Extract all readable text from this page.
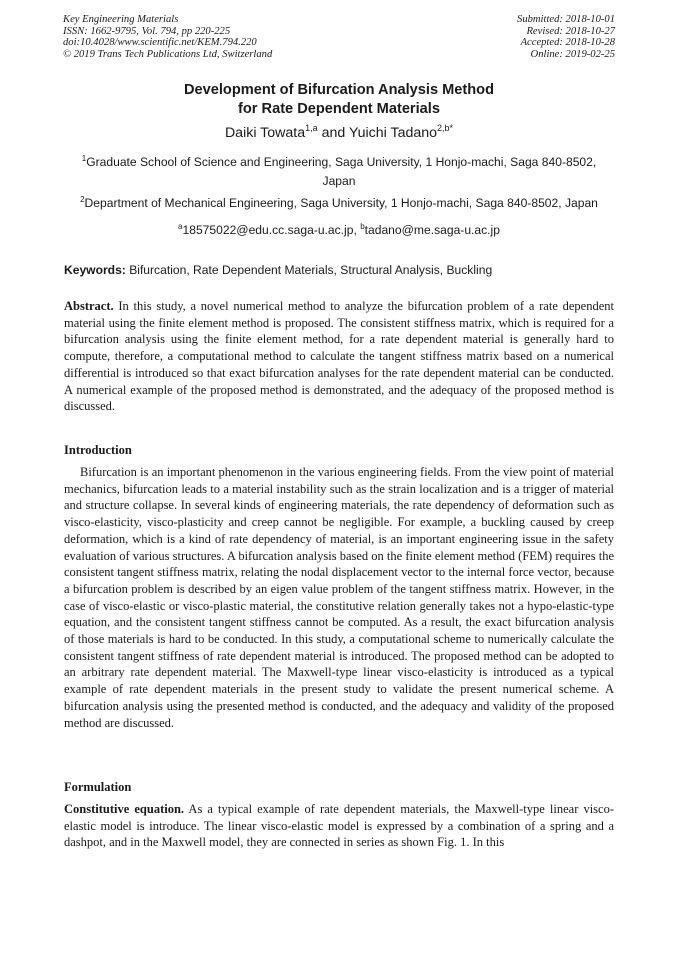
Key Engineering Materials
ISSN: 1662-9795, Vol. 794, pp 220-225
doi:10.4028/www.scientific.net/KEM.794.220
© 2019 Trans Tech Publications Ltd, Switzerland
Submitted: 2018-10-01
Revised: 2018-10-27
Accepted: 2018-10-28
Online: 2019-02-25
Development of Bifurcation Analysis Method
for Rate Dependent Materials
Daiki Towata$^{1,a}$ and Yuichi Tadano$^{2,b*}$
$^1$Graduate School of Science and Engineering, Saga University, 1 Honjo-machi, Saga 840-8502, Japan
$^2$Department of Mechanical Engineering, Saga University, 1 Honjo-machi, Saga 840-8502, Japan
$^a$18575022@edu.cc.saga-u.ac.jp, $^b$tadano@me.saga-u.ac.jp
Keywords: Bifurcation, Rate Dependent Materials, Structural Analysis, Buckling
Abstract. In this study, a novel numerical method to analyze the bifurcation problem of a rate dependent material using the finite element method is proposed. The consistent stiffness matrix, which is required for a bifurcation analysis using the finite element method, for a rate dependent material is generally hard to compute, therefore, a computational method to calculate the tangent stiffness matrix based on a numerical differential is introduced so that exact bifurcation analyses for the rate dependent material can be conducted. A numerical example of the proposed method is demonstrated, and the adequacy of the proposed method is discussed.
Introduction
Bifurcation is an important phenomenon in the various engineering fields. From the view point of material mechanics, bifurcation leads to a material instability such as the strain localization and is a trigger of material and structure collapse. In several kinds of engineering materials, the rate dependency of deformation such as visco-elasticity, visco-plasticity and creep cannot be negligible. For example, a buckling caused by creep deformation, which is a kind of rate dependency of material, is an important engineering issue in the safety evaluation of various structures. A bifurcation analysis based on the finite element method (FEM) requires the consistent tangent stiffness matrix, relating the nodal displacement vector to the internal force vector, because a bifurcation problem is described by an eigen value problem of the tangent stiffness matrix. However, in the case of visco-elastic or visco-plastic material, the constitutive relation generally takes not a hypo-elastic-type equation, and the consistent tangent stiffness cannot be computed. As a result, the exact bifurcation analysis of those materials is hard to be conducted. In this study, a computational scheme to numerically calculate the consistent tangent stiffness of rate dependent material is introduced. The proposed method can be adopted to an arbitrary rate dependent material. The Maxwell-type linear visco-elasticity is introduced as a typical example of rate dependent materials in the present study to validate the present numerical scheme. A bifurcation analysis using the presented method is conducted, and the adequacy and validity of the proposed method are discussed.
Formulation
Constitutive equation. As a typical example of rate dependent materials, the Maxwell-type linear visco-elastic model is introduce. The linear visco-elastic model is expressed by a combination of a spring and a dashpot, and in the Maxwell model, they are connected in series as shown Fig. 1. In this
